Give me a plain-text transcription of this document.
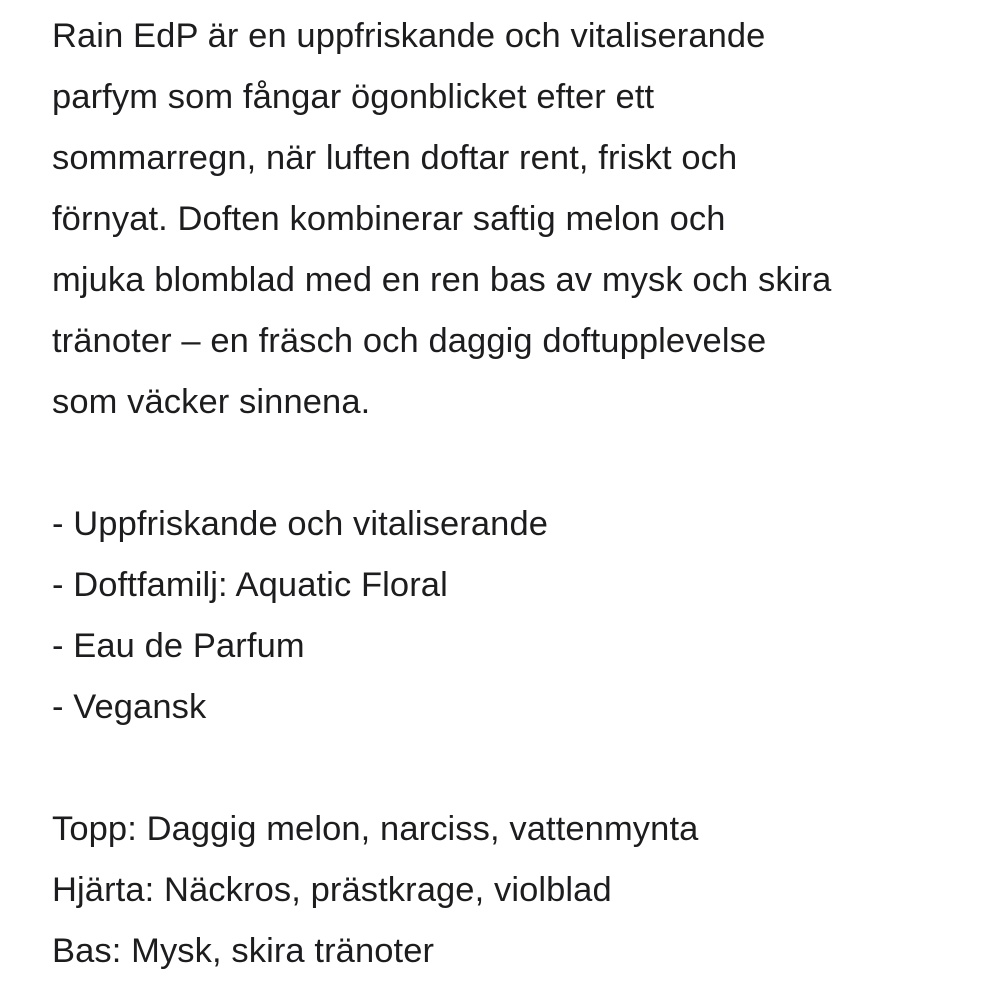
Rain EdP är en uppfriskande och vitaliserande
parfym som fångar ögonblicket efter ett
sommarregn, när luften doftar rent, friskt och
förnyat. Doften kombinerar saftig melon och
mjuka blomblad med en ren bas av mysk och skira
tränoter – en fräsch och daggig doftupplevelse
som väcker sinnena.
- Uppfriskande och vitaliserande
- Doftfamilj: Aquatic Floral
- Eau de Parfum
- Vegansk
Topp: Daggig melon, narciss, vattenmynta
Hjärta: Näckros, prästkrage, violblad
Bas: Mysk, skira tränoter
